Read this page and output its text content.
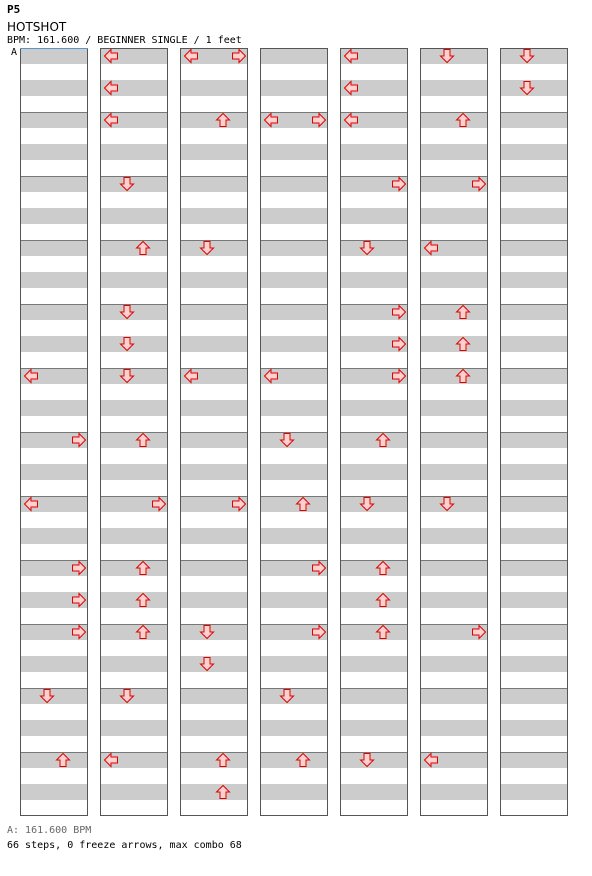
P5
HOTSHOT
BPM: 161.600 / BEGINNER SINGLE / 1 feet
A
A: 161.600 BPM
66 steps, 0 freeze arrows, max combo 68
